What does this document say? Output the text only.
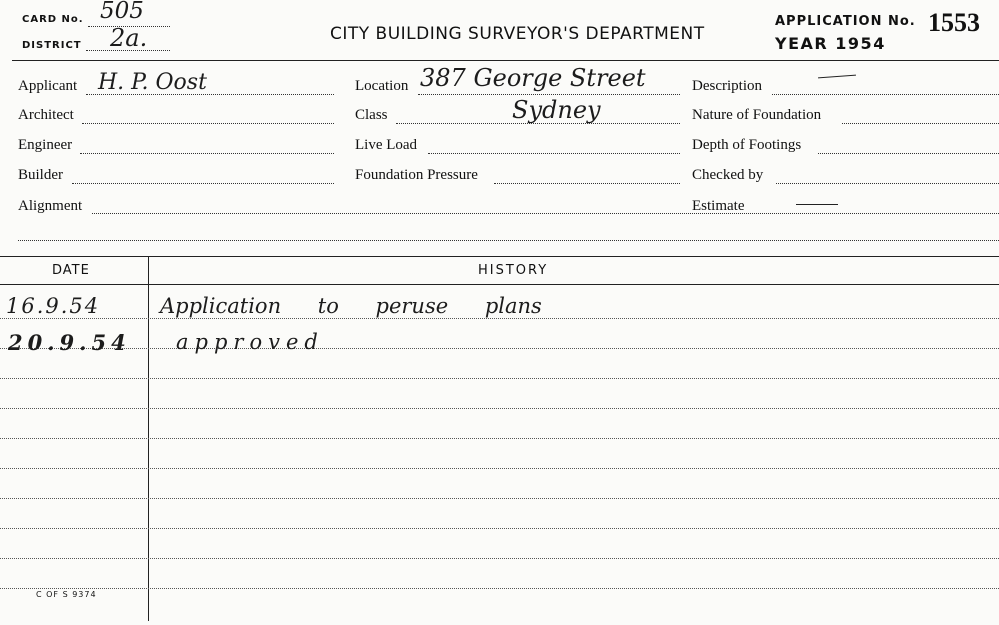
CARD No. 505
DISTRICT 2a.	CITY BUILDING SURVEYOR'S DEPARTMENT
APPLICATION No. 1553
YEAR 1954
Applicant H. P. Oost
Architect
Engineer
Builder
Alignment
Location 387 George Street
Class	Sydney
Live Load
Foundation Pressure
Description
Nature of Foundation
Depth of Footings
Checked by
Estimate
DATE	HISTORY
16.9.54	Application to peruse plans
20.9.54 approved
C OF S 9374
